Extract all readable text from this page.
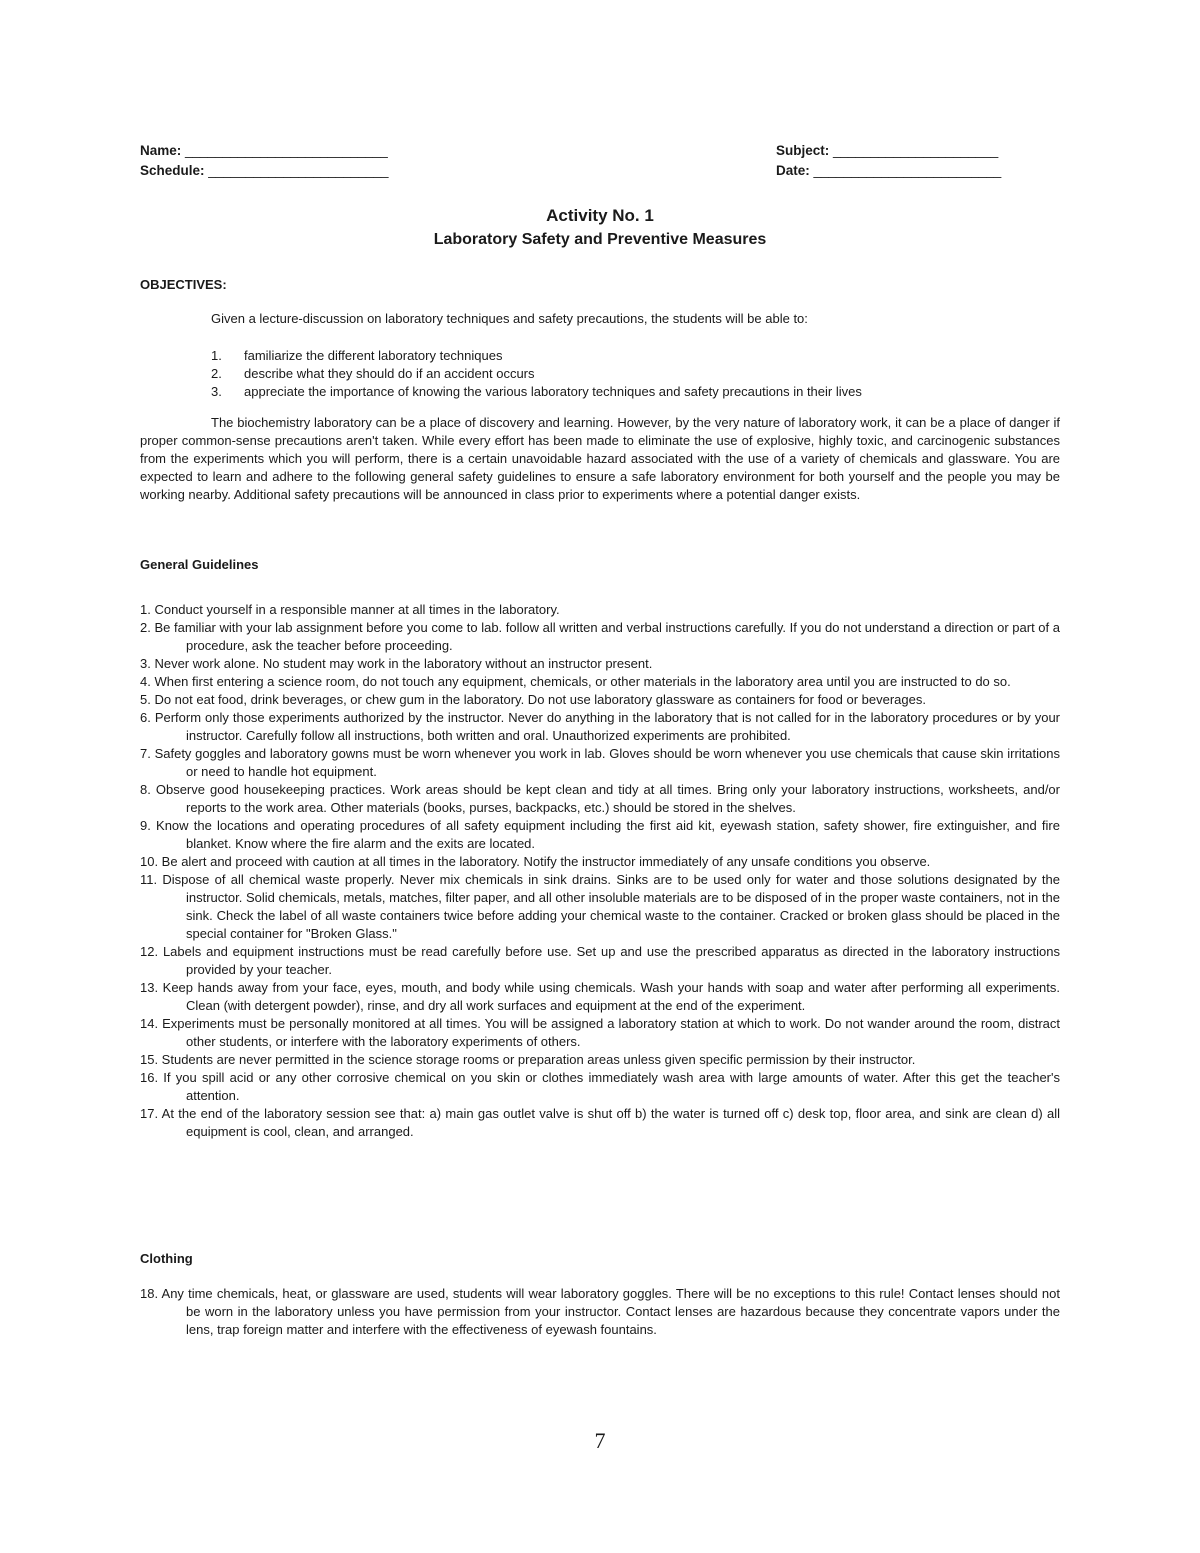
Name: ___________________________
Schedule: ________________________
Subject: ______________________
Date: _________________________
Activity No. 1
Laboratory Safety and Preventive Measures
OBJECTIVES:
Given a lecture-discussion on laboratory techniques and safety precautions, the students will be able to:
1. familiarize the different laboratory techniques
2. describe what they should do if an accident occurs
3. appreciate the importance of knowing the various laboratory techniques and safety precautions in their lives

The biochemistry laboratory can be a place of discovery and learning. However, by the very nature of laboratory work, it can be a place of danger if proper common-sense precautions aren't taken. While every effort has been made to eliminate the use of explosive, highly toxic, and carcinogenic substances from the experiments which you will perform, there is a certain unavoidable hazard associated with the use of a variety of chemicals and glassware. You are expected to learn and adhere to the following general safety guidelines to ensure a safe laboratory environment for both yourself and the people you may be working nearby. Additional safety precautions will be announced in class prior to experiments where a potential danger exists.

General Guidelines
1. Conduct yourself in a responsible manner at all times in the laboratory.
2. Be familiar with your lab assignment before you come to lab. follow all written and verbal instructions carefully. If you do not understand a direction or part of a procedure, ask the teacher before proceeding.
3. Never work alone. No student may work in the laboratory without an instructor present.
4. When first entering a science room, do not touch any equipment, chemicals, or other materials in the laboratory area until you are instructed to do so.
5. Do not eat food, drink beverages, or chew gum in the laboratory. Do not use laboratory glassware as containers for food or beverages.
6. Perform only those experiments authorized by the instructor. Never do anything in the laboratory that is not called for in the laboratory procedures or by your instructor. Carefully follow all instructions, both written and oral. Unauthorized experiments are prohibited.
7. Safety goggles and laboratory gowns must be worn whenever you work in lab. Gloves should be worn whenever you use chemicals that cause skin irritations or need to handle hot equipment.
8. Observe good housekeeping practices. Work areas should be kept clean and tidy at all times. Bring only your laboratory instructions, worksheets, and/or reports to the work area. Other materials (books, purses, backpacks, etc.) should be stored in the shelves.
9. Know the locations and operating procedures of all safety equipment including the first aid kit, eyewash station, safety shower, fire extinguisher, and fire blanket. Know where the fire alarm and the exits are located.
10. Be alert and proceed with caution at all times in the laboratory. Notify the instructor immediately of any unsafe conditions you observe.
11. Dispose of all chemical waste properly. Never mix chemicals in sink drains. Sinks are to be used only for water and those solutions designated by the instructor. Solid chemicals, metals, matches, filter paper, and all other insoluble materials are to be disposed of in the proper waste containers, not in the sink. Check the label of all waste containers twice before adding your chemical waste to the container. Cracked or broken glass should be placed in the special container for "Broken Glass."
12. Labels and equipment instructions must be read carefully before use. Set up and use the prescribed apparatus as directed in the laboratory instructions provided by your teacher.
13. Keep hands away from your face, eyes, mouth, and body while using chemicals. Wash your hands with soap and water after performing all experiments. Clean (with detergent powder), rinse, and dry all work surfaces and equipment at the end of the experiment.
14. Experiments must be personally monitored at all times. You will be assigned a laboratory station at which to work. Do not wander around the room, distract other students, or interfere with the laboratory experiments of others.
15. Students are never permitted in the science storage rooms or preparation areas unless given specific permission by their instructor.
16. If you spill acid or any other corrosive chemical on you skin or clothes immediately wash area with large amounts of water. After this get the teacher's attention.
17. At the end of the laboratory session see that: a) main gas outlet valve is shut off b) the water is turned off c) desk top, floor area, and sink are clean d) all equipment is cool, clean, and arranged.
Clothing
18. Any time chemicals, heat, or glassware are used, students will wear laboratory goggles. There will be no exceptions to this rule! Contact lenses should not be worn in the laboratory unless you have permission from your instructor. Contact lenses are hazardous because they concentrate vapors under the lens, trap foreign matter and interfere with the effectiveness of eyewash fountains.
7
